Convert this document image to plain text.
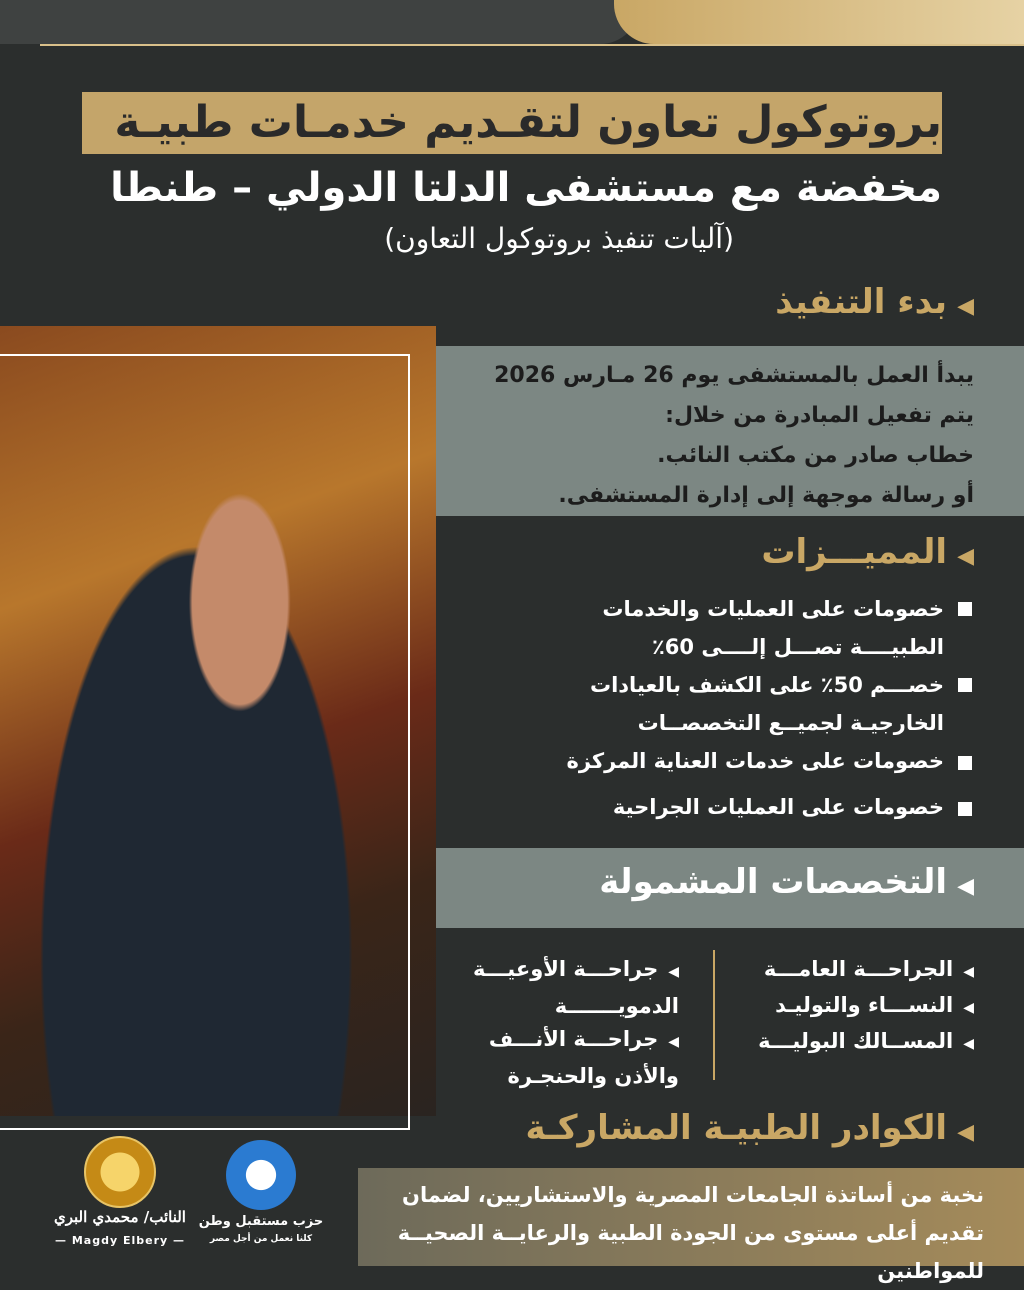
بروتوكول تعاون لتقـديم خدمـات طبيـة
مخفضة مع مستشفى الدلتا الدولي – طنطا
(آليات تنفيذ بروتوكول التعاون)
◀بدء التنفيذ
يبدأ العمل بالمستشفى يوم 26 مـارس 2026
يتم تفعيل المبادرة من خلال:
خطاب صادر من مكتب النائب.
أو رسالة موجهة إلى إدارة المستشفى.
◀المميـــزات
خصومات على العمليات والخدمات الطبيــــة تصـــل إلــــى 60٪
خصـــم 50٪ على الكشف بالعيادات الخارجيـة لجميــع التخصصــات
خصومات على خدمات العناية المركزة
خصومات على العمليات الجراحية
◀التخصصات المشمولة
◀الجراحـــة العامـــة
◀النســـاء والتوليـد
◀المســالك البوليـــة
◀جراحـــة الأوعيـــة الدمويـــــــة
◀جراحـــة الأنـــف والأذن والحنجـرة
◀الكوادر الطبيـة المشاركـة
نخبة من أساتذة الجامعات المصرية والاستشاريين، لضمان تقديم أعلى مستوى من الجودة الطبية والرعايــة الصحيــة للمواطنين
النائب/ محمدي البري
— Magdy Elbery —
حزب مستقبل وطن
كلنا نعمل من أجل مصر
